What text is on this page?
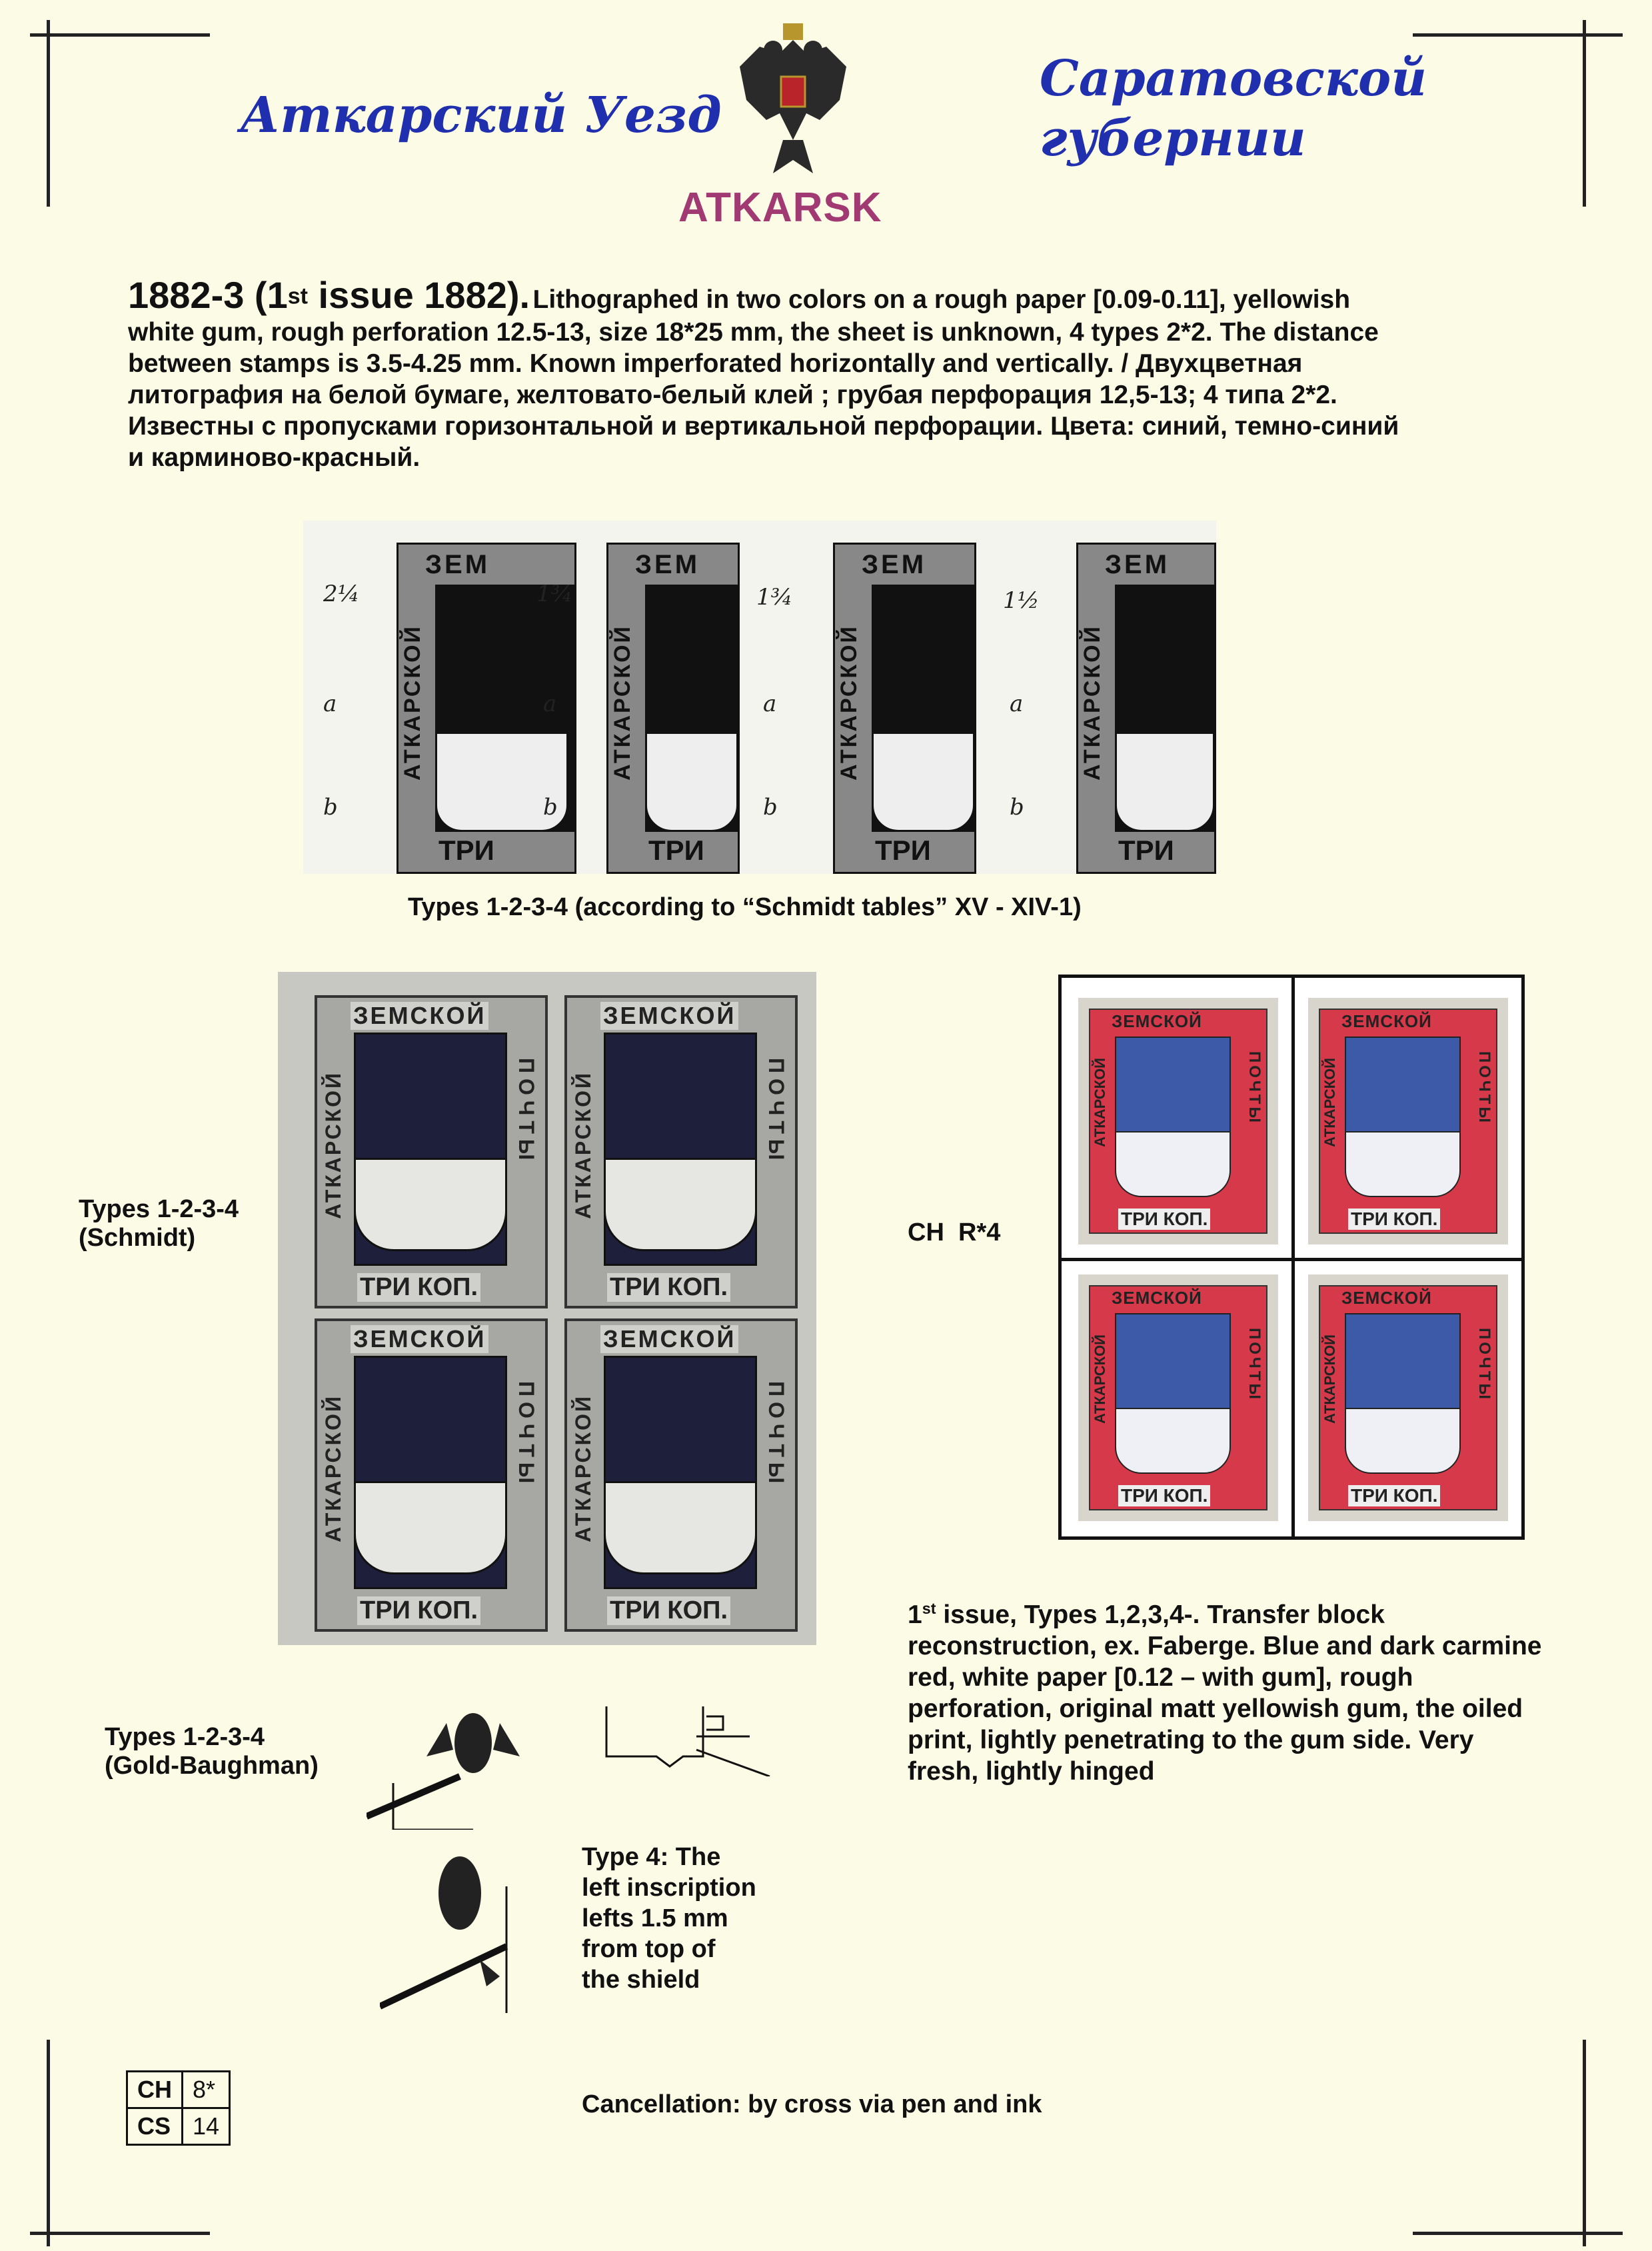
Аткарский Уезд
Саратовской
губернии
ATKARSK
1882-3 (1st issue 1882). Lithographed in two colors on a rough paper [0.09-0.11], yellowish
white gum, rough perforation 12.5-13, size 18*25 mm, the sheet is unknown, 4 types 2*2. The distance
between stamps is 3.5-4.25 mm. Known imperforated horizontally and vertically. / Двухцветная
литография на белой бумаге, желтовато-белый клей ; грубая перфорация 12,5-13; 4 типа 2*2.
Известны с пропусками горизонтальной и вертикальной перфорации. Цвета: синий, темно-синий
и карминово-красный.
2¼
a
b
ЗЕМ
АТКАРСКОЙ
ТРИ
1¾
a
b
ЗЕМ
АТКАРСКОЙ
ТРИ
1¾
a
b
ЗЕМ
АТКАРСКОЙ
ТРИ
1½
a
b
ЗЕМ
АТКАРСКОЙ
ТРИ
Types 1-2-3-4 (according to “Schmidt tables” XV - XIV-1)
Types 1-2-3-4
(Schmidt)
ЗЕМСКОЙ
АТКАРСКОЙ	ПОЧТЫ
ТРИ КОП.
ЗЕМСКОЙ
АТКАРСКОЙ	ПОЧТЫ
ТРИ КОП.
ЗЕМСКОЙ
АТКАРСКОЙ	ПОЧТЫ
ТРИ КОП.
ЗЕМСКОЙ
АТКАРСКОЙ	ПОЧТЫ
ТРИ КОП.
CH  R*4
ЗЕМСКОЙ
АТКАРСКОЙ	ПОЧТЫ
ТРИ КОП.
ЗЕМСКОЙ
АТКАРСКОЙ	ПОЧТЫ
ТРИ КОП.
ЗЕМСКОЙ
АТКАРСКОЙ	ПОЧТЫ
ТРИ КОП.
ЗЕМСКОЙ
АТКАРСКОЙ	ПОЧТЫ
ТРИ КОП.
1st issue, Types 1,2,3,4-. Transfer block
reconstruction, ex. Faberge. Blue and dark carmine
red, white paper [0.12 – with gum], rough
perforation, original matt yellowish gum, the oiled
print, lightly penetrating to the gum side. Very
fresh, lightly hinged
Types 1-2-3-4
(Gold-Baughman)
Type 4: The
left inscription
lefts 1.5 mm
from top of
the shield
CH	8*
CS	14
Cancellation: by cross via pen and ink
